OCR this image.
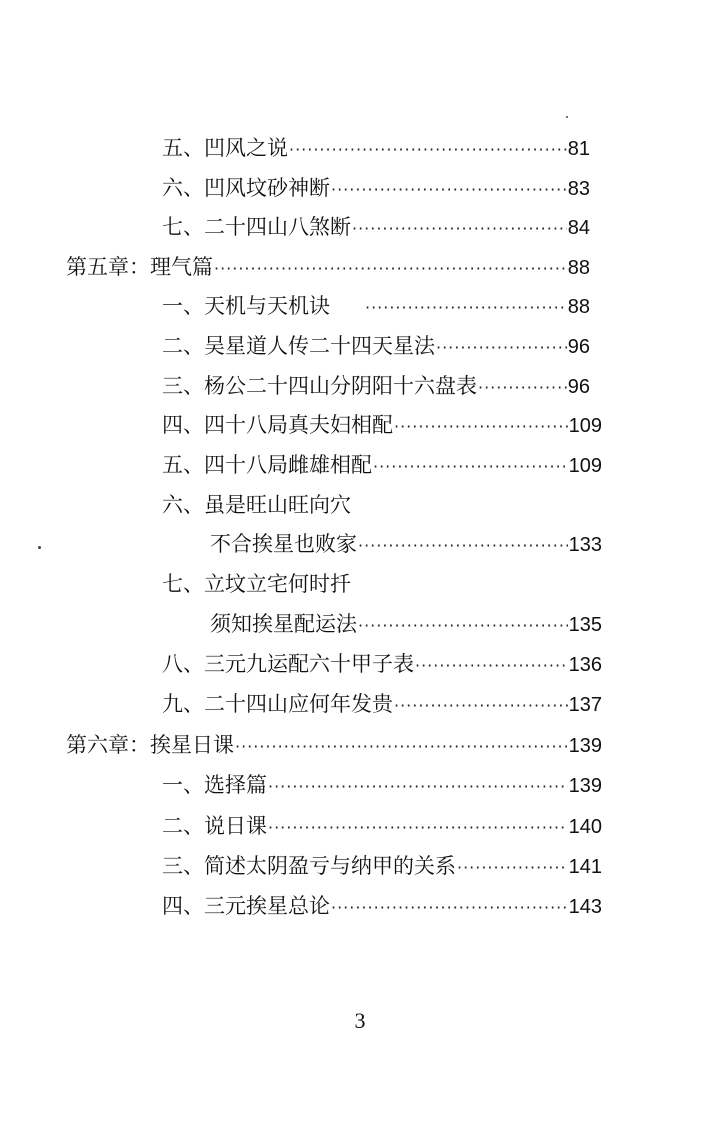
五、凹风之说 ·····	81
六、凹风坟砂神断 ·····	83
七、二十四山八煞断 ·····	84
第五章：理气篇 ·····	88
一、天机与天机诀　 ·····	88
二、吴星道人传二十四天星法 ·····	96
三、杨公二十四山分阴阳十六盘表 ·····	96
四、四十八局真夫妇相配 ·····	109
五、四十八局雌雄相配 ·····	109
六、虽是旺山旺向穴
不合挨星也败家 ·····	133
七、立坟立宅何时扦
须知挨星配运法 ·····	135
八、三元九运配六十甲子表 ·····	136
九、二十四山应何年发贵 ·····	137
第六章：挨星日课 ·····	139
一、选择篇 ·····	139
二、说日课 ·····	140
三、简述太阴盈亏与纳甲的关系 ·····	141
四、三元挨星总论 ·····	143
3
